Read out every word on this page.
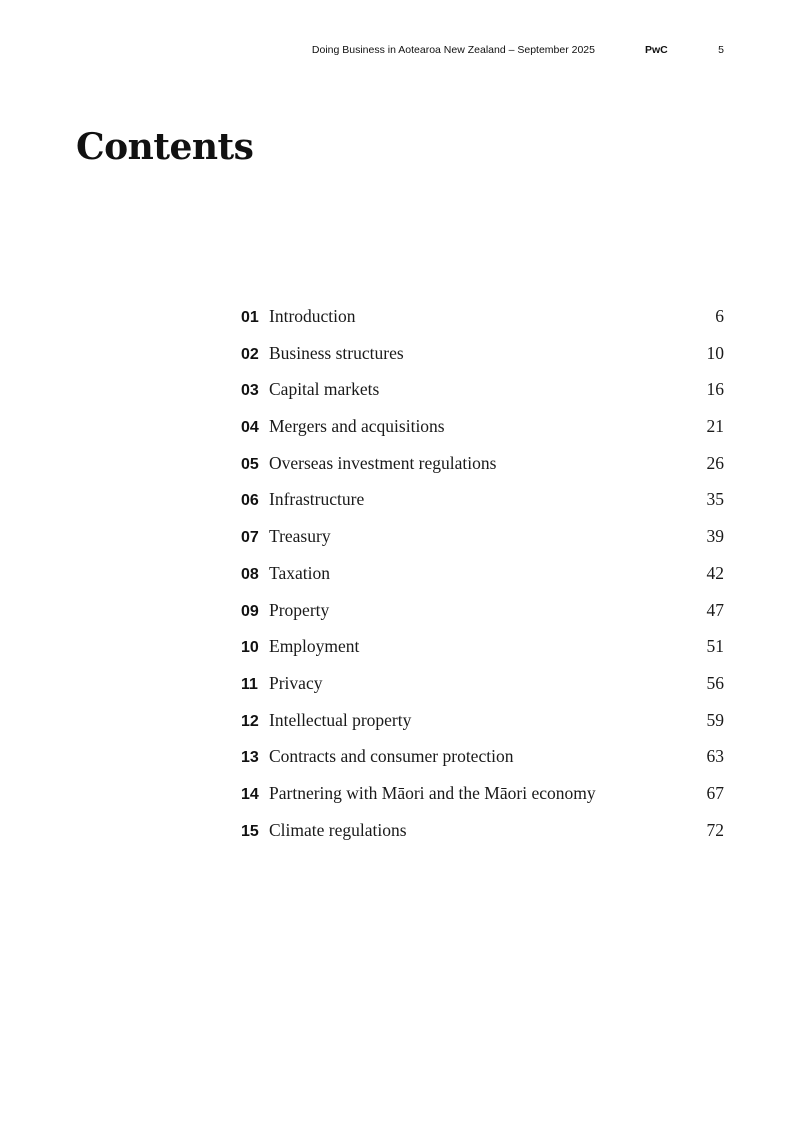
Doing Business in Aotearoa New Zealand – September 2025	PwC	5
Contents
01 Introduction	6
02 Business structures	10
03 Capital markets	16
04 Mergers and acquisitions	21
05 Overseas investment regulations	26
06 Infrastructure	35
07 Treasury	39
08 Taxation	42
09 Property	47
10 Employment	51
11 Privacy	56
12 Intellectual property	59
13 Contracts and consumer protection	63
14 Partnering with Māori and the Māori economy	67
15 Climate regulations	72
